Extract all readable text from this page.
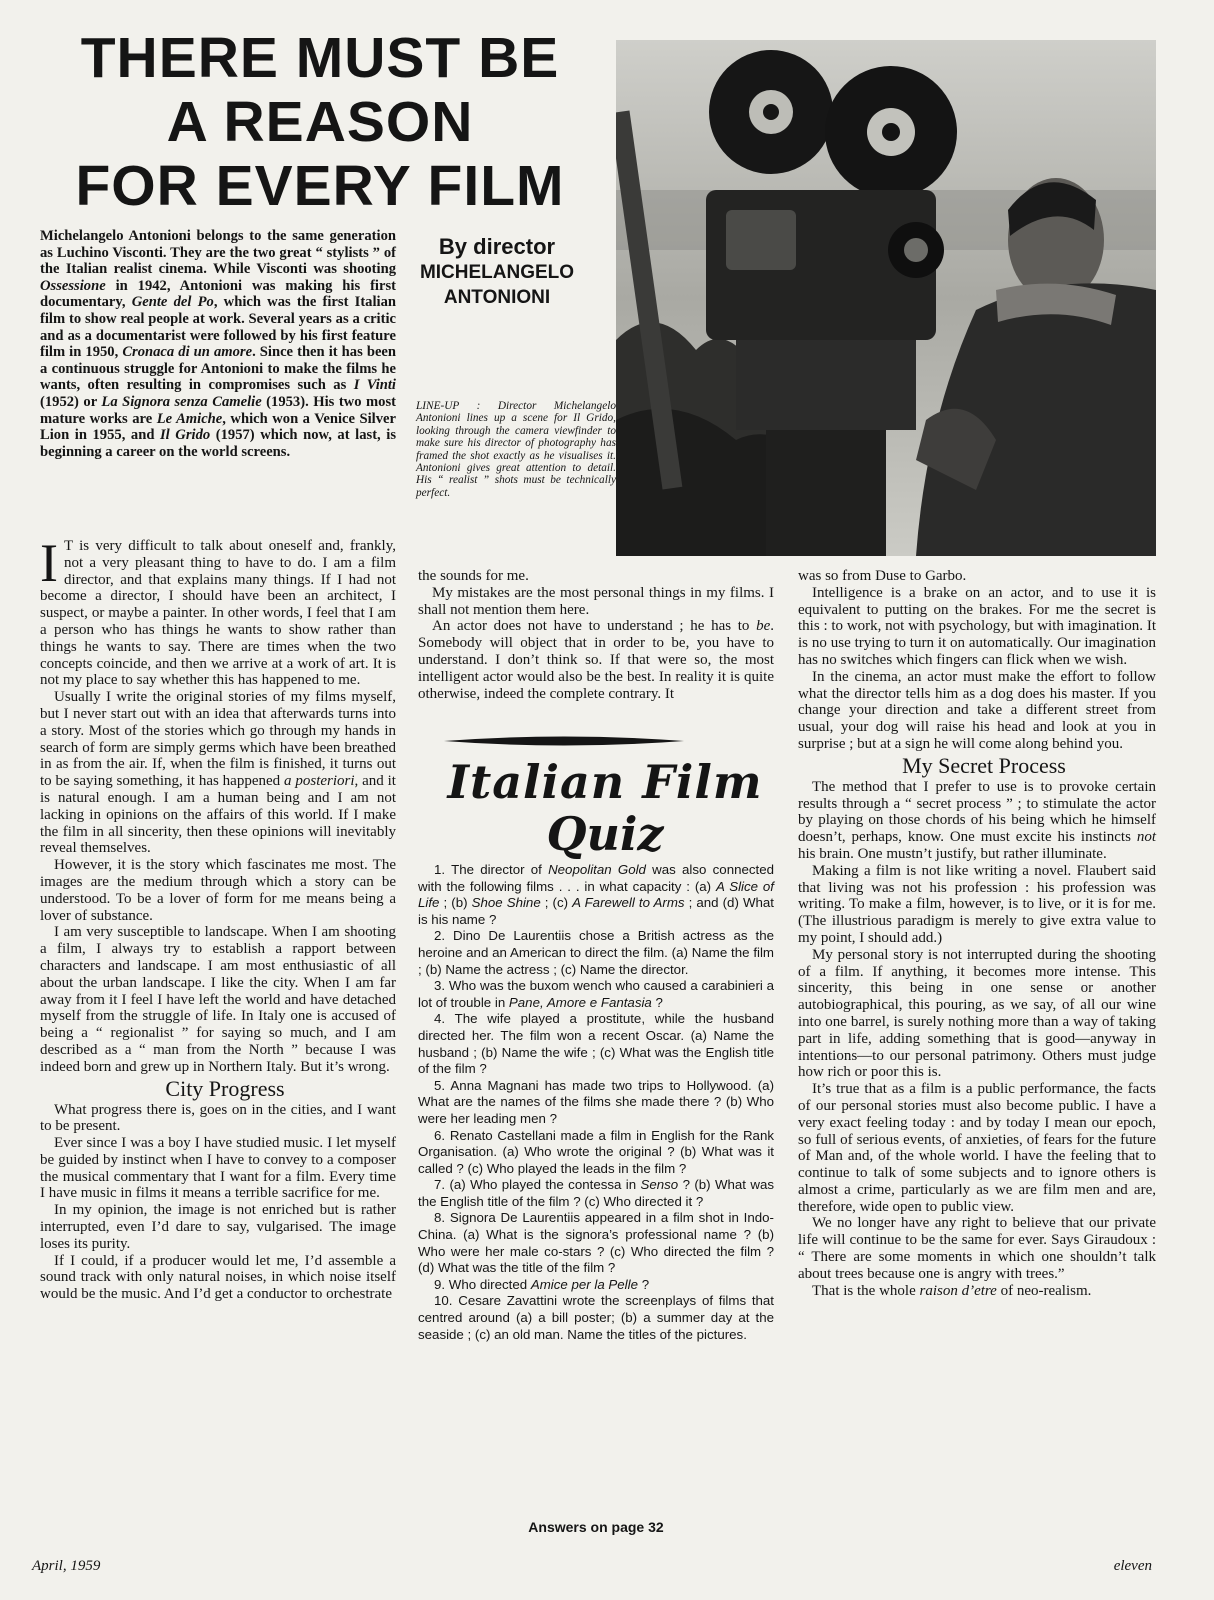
THERE MUST BE
A REASON
FOR EVERY FILM

Michelangelo Antonioni belongs to the same generation as Luchino Visconti. They are the two great “ stylists ” of the Italian realist cinema. While Visconti was shooting Ossessione in 1942, Antonioni was making his first documentary, Gente del Po, which was the first Italian film to show real people at work. Several years as a critic and as a documentarist were followed by his first feature film in 1950, Cronaca di un amore. Since then it has been a continuous struggle for Antonioni to make the films he wants, often resulting in compromises such as I Vinti (1952) or La Signora senza Camelie (1953). His two most mature works are Le Amiche, which won a Venice Silver Lion in 1955, and Il Grido (1957) which now, at last, is beginning a career on the world screens.

By director
MICHELANGELO
ANTONIONI

LINE-UP : Director Michelangelo Antonioni lines up a scene for Il Grido, looking through the camera viewfinder to make sure his director of photography has framed the shot exactly as he visualises it. Antonioni gives great attention to detail. His “ realist ” shots must be technically perfect.

I T is very difficult to talk about oneself and, frankly, not a very pleasant thing to have to do. I am a film director, and that explains many things. If I had not become a director, I should have been an architect, I suspect, or maybe a painter. In other words, I feel that I am a person who has things he wants to show rather than things he wants to say. There are times when the two concepts coincide, and then we arrive at a work of art. It is not my place to say whether this has happened to me.

Usually I write the original stories of my films myself, but I never start out with an idea that afterwards turns into a story. Most of the stories which go through my hands in search of form are simply germs which have been breathed in as from the air. If, when the film is finished, it turns out to be saying something, it has happened a posteriori, and it is natural enough. I am a human being and I am not lacking in opinions on the affairs of this world. If I make the film in all sincerity, then these opinions will inevitably reveal themselves.

However, it is the story which fascinates me most. The images are the medium through which a story can be understood. To be a lover of form for me means being a lover of substance.

I am very susceptible to landscape. When I am shooting a film, I always try to establish a rapport between characters and landscape. I am most enthusiastic of all about the urban landscape. I like the city. When I am far away from it I feel I have left the world and have detached myself from the struggle of life. In Italy one is accused of being a “ regionalist ” for saying so much, and I am described as a “ man from the North ” because I was indeed born and grew up in Northern Italy. But it’s wrong.

City Progress

What progress there is, goes on in the cities, and I want to be present.

Ever since I was a boy I have studied music. I let myself be guided by instinct when I have to convey to a composer the musical commentary that I want for a film. Every time I have music in films it means a terrible sacrifice for me.

In my opinion, the image is not enriched but is rather interrupted, even I’d dare to say, vulgarised. The image loses its purity.

If I could, if a producer would let me, I’d assemble a sound track with only natural noises, in which noise itself would be the music. And I’d get a conductor to orchestrate

the sounds for me.

My mistakes are the most personal things in my films. I shall not mention them here.

An actor does not have to understand ; he has to be. Somebody will object that in order to be, you have to understand. I don’t think so. If that were so, the most intelligent actor would also be the best. In reality it is quite otherwise, indeed the complete contrary. It

Italian Film
Quiz

1. The director of Neopolitan Gold was also connected with the following films . . . in what capacity : (a) A Slice of Life ; (b) Shoe Shine ; (c) A Farewell to Arms ; and (d) What is his name ?

2. Dino De Laurentiis chose a British actress as the heroine and an American to direct the film. (a) Name the film ; (b) Name the actress ; (c) Name the director.

3. Who was the buxom wench who caused a carabinieri a lot of trouble in Pane, Amore e Fantasia ?

4. The wife played a prostitute, while the husband directed her. The film won a recent Oscar. (a) Name the husband ; (b) Name the wife ; (c) What was the English title of the film ?

5. Anna Magnani has made two trips to Hollywood. (a) What are the names of the films she made there ? (b) Who were her leading men ?

6. Renato Castellani made a film in English for the Rank Organisation. (a) Who wrote the original ? (b) What was it called ? (c) Who played the leads in the film ?

7. (a) Who played the contessa in Senso ? (b) What was the English title of the film ? (c) Who directed it ?

8. Signora De Laurentiis appeared in a film shot in Indo-China. (a) What is the signora’s professional name ? (b) Who were her male co-stars ? (c) Who directed the film ? (d) What was the title of the film ?

9. Who directed Amice per la Pelle ?

10. Cesare Zavattini wrote the screenplays of films that centred around (a) a bill poster; (b) a summer day at the seaside ; (c) an old man. Name the titles of the pictures.

Answers on page 32

was so from Duse to Garbo.

Intelligence is a brake on an actor, and to use it is equivalent to putting on the brakes. For me the secret is this : to work, not with psychology, but with imagination. It is no use trying to turn it on automatically. Our imagination has no switches which fingers can flick when we wish.

In the cinema, an actor must make the effort to follow what the director tells him as a dog does his master. If you change your direction and take a different street from usual, your dog will raise his head and look at you in surprise ; but at a sign he will come along behind you.

My Secret Process

The method that I prefer to use is to provoke certain results through a “ secret process ” ; to stimulate the actor by playing on those chords of his being which he himself doesn’t, perhaps, know. One must excite his instincts not his brain. One mustn’t justify, but rather illuminate.

Making a film is not like writing a novel. Flaubert said that living was not his profession : his profession was writing. To make a film, however, is to live, or it is for me. (The illustrious paradigm is merely to give extra value to my point, I should add.)

My personal story is not interrupted during the shooting of a film. If anything, it becomes more intense. This sincerity, this being in one sense or another autobiographical, this pouring, as we say, of all our wine into one barrel, is surely nothing more than a way of taking part in life, adding something that is good—anyway in intentions—to our personal patrimony. Others must judge how rich or poor this is.

It’s true that as a film is a public performance, the facts of our personal stories must also become public. I have a very exact feeling today : and by today I mean our epoch, so full of serious events, of anxieties, of fears for the future of Man and, of the whole world. I have the feeling that to continue to talk of some subjects and to ignore others is almost a crime, particularly as we are film men and are, therefore, wide open to public view.

We no longer have any right to believe that our private life will continue to be the same for ever. Says Giraudoux : “ There are some moments in which one shouldn’t talk about trees because one is angry with trees.”

That is the whole raison d’etre of neo-realism.

April, 1959	eleven
